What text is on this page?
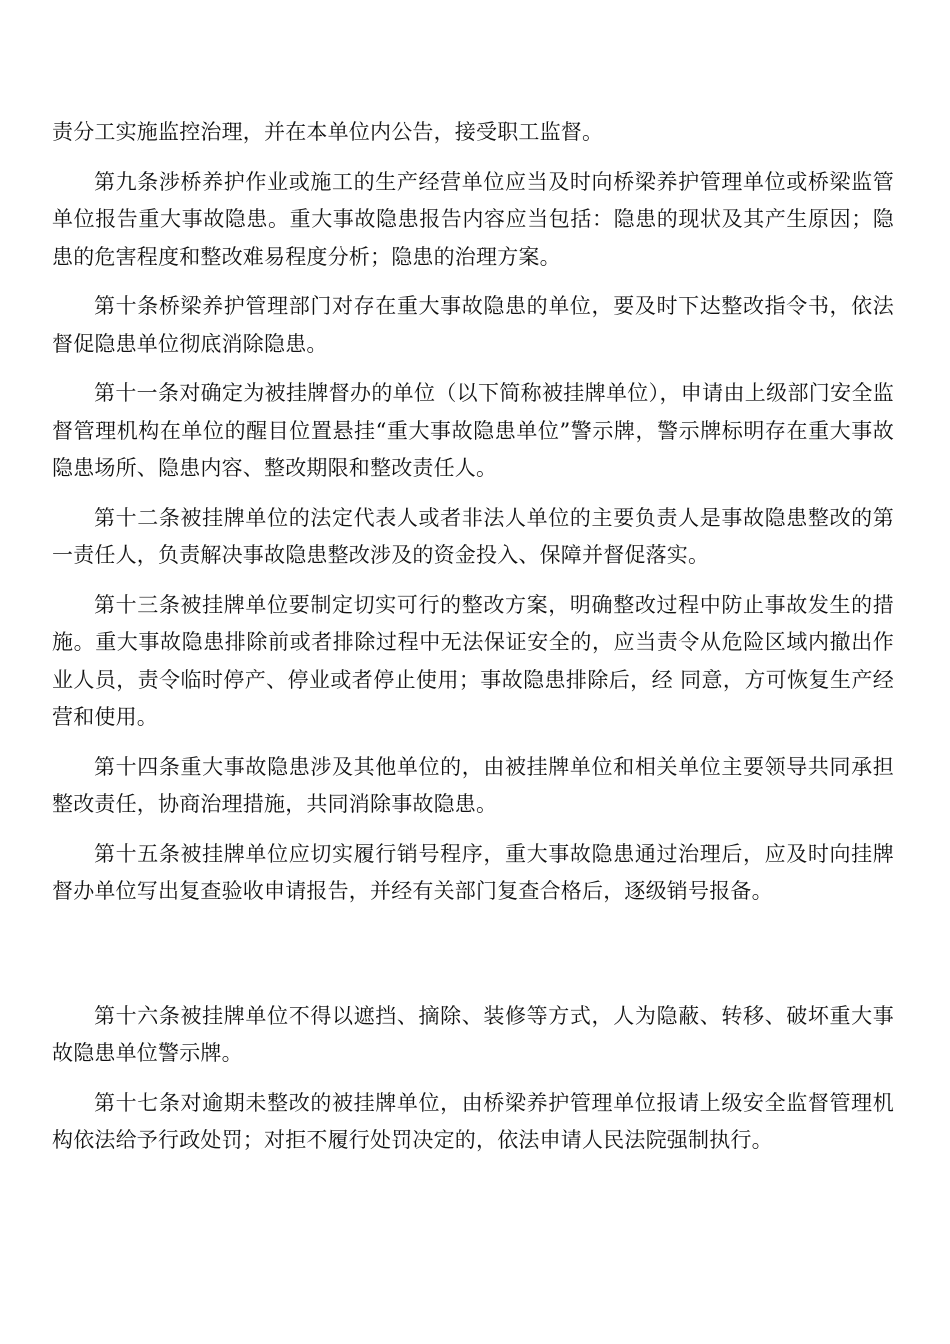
责分工实施监控治理，并在本单位内公告，接受职工监督。

第九条涉桥养护作业或施工的生产经营单位应当及时向桥梁养护管理单位或桥梁监管单位报告重大事故隐患。重大事故隐患报告内容应当包括：隐患的现状及其产生原因；隐患的危害程度和整改难易程度分析；隐患的治理方案。

第十条桥梁养护管理部门对存在重大事故隐患的单位，要及时下达整改指令书，依法督促隐患单位彻底消除隐患。

第十一条对确定为被挂牌督办的单位（以下简称被挂牌单位），申请由上级部门安全监督管理机构在单位的醒目位置悬挂“重大事故隐患单位”警示牌，警示牌标明存在重大事故隐患场所、隐患内容、整改期限和整改责任人。

第十二条被挂牌单位的法定代表人或者非法人单位的主要负责人是事故隐患整改的第一责任人，负责解决事故隐患整改涉及的资金投入、保障并督促落实。

第十三条被挂牌单位要制定切实可行的整改方案，明确整改过程中防止事故发生的措施。重大事故隐患排除前或者排除过程中无法保证安全的，应当责令从危险区域内撤出作业人员，责令临时停产、停业或者停止使用；事故隐患排除后，经 同意，方可恢复生产经营和使用。

第十四条重大事故隐患涉及其他单位的，由被挂牌单位和相关单位主要领导共同承担整改责任，协商治理措施，共同消除事故隐患。

第十五条被挂牌单位应切实履行销号程序，重大事故隐患通过治理后，应及时向挂牌督办单位写出复查验收申请报告，并经有关部门复查合格后，逐级销号报备。

第十六条被挂牌单位不得以遮挡、摘除、装修等方式，人为隐蔽、转移、破坏重大事故隐患单位警示牌。

第十七条对逾期未整改的被挂牌单位，由桥梁养护管理单位报请上级安全监督管理机构依法给予行政处罚；对拒不履行处罚决定的，依法申请人民法院强制执行。
